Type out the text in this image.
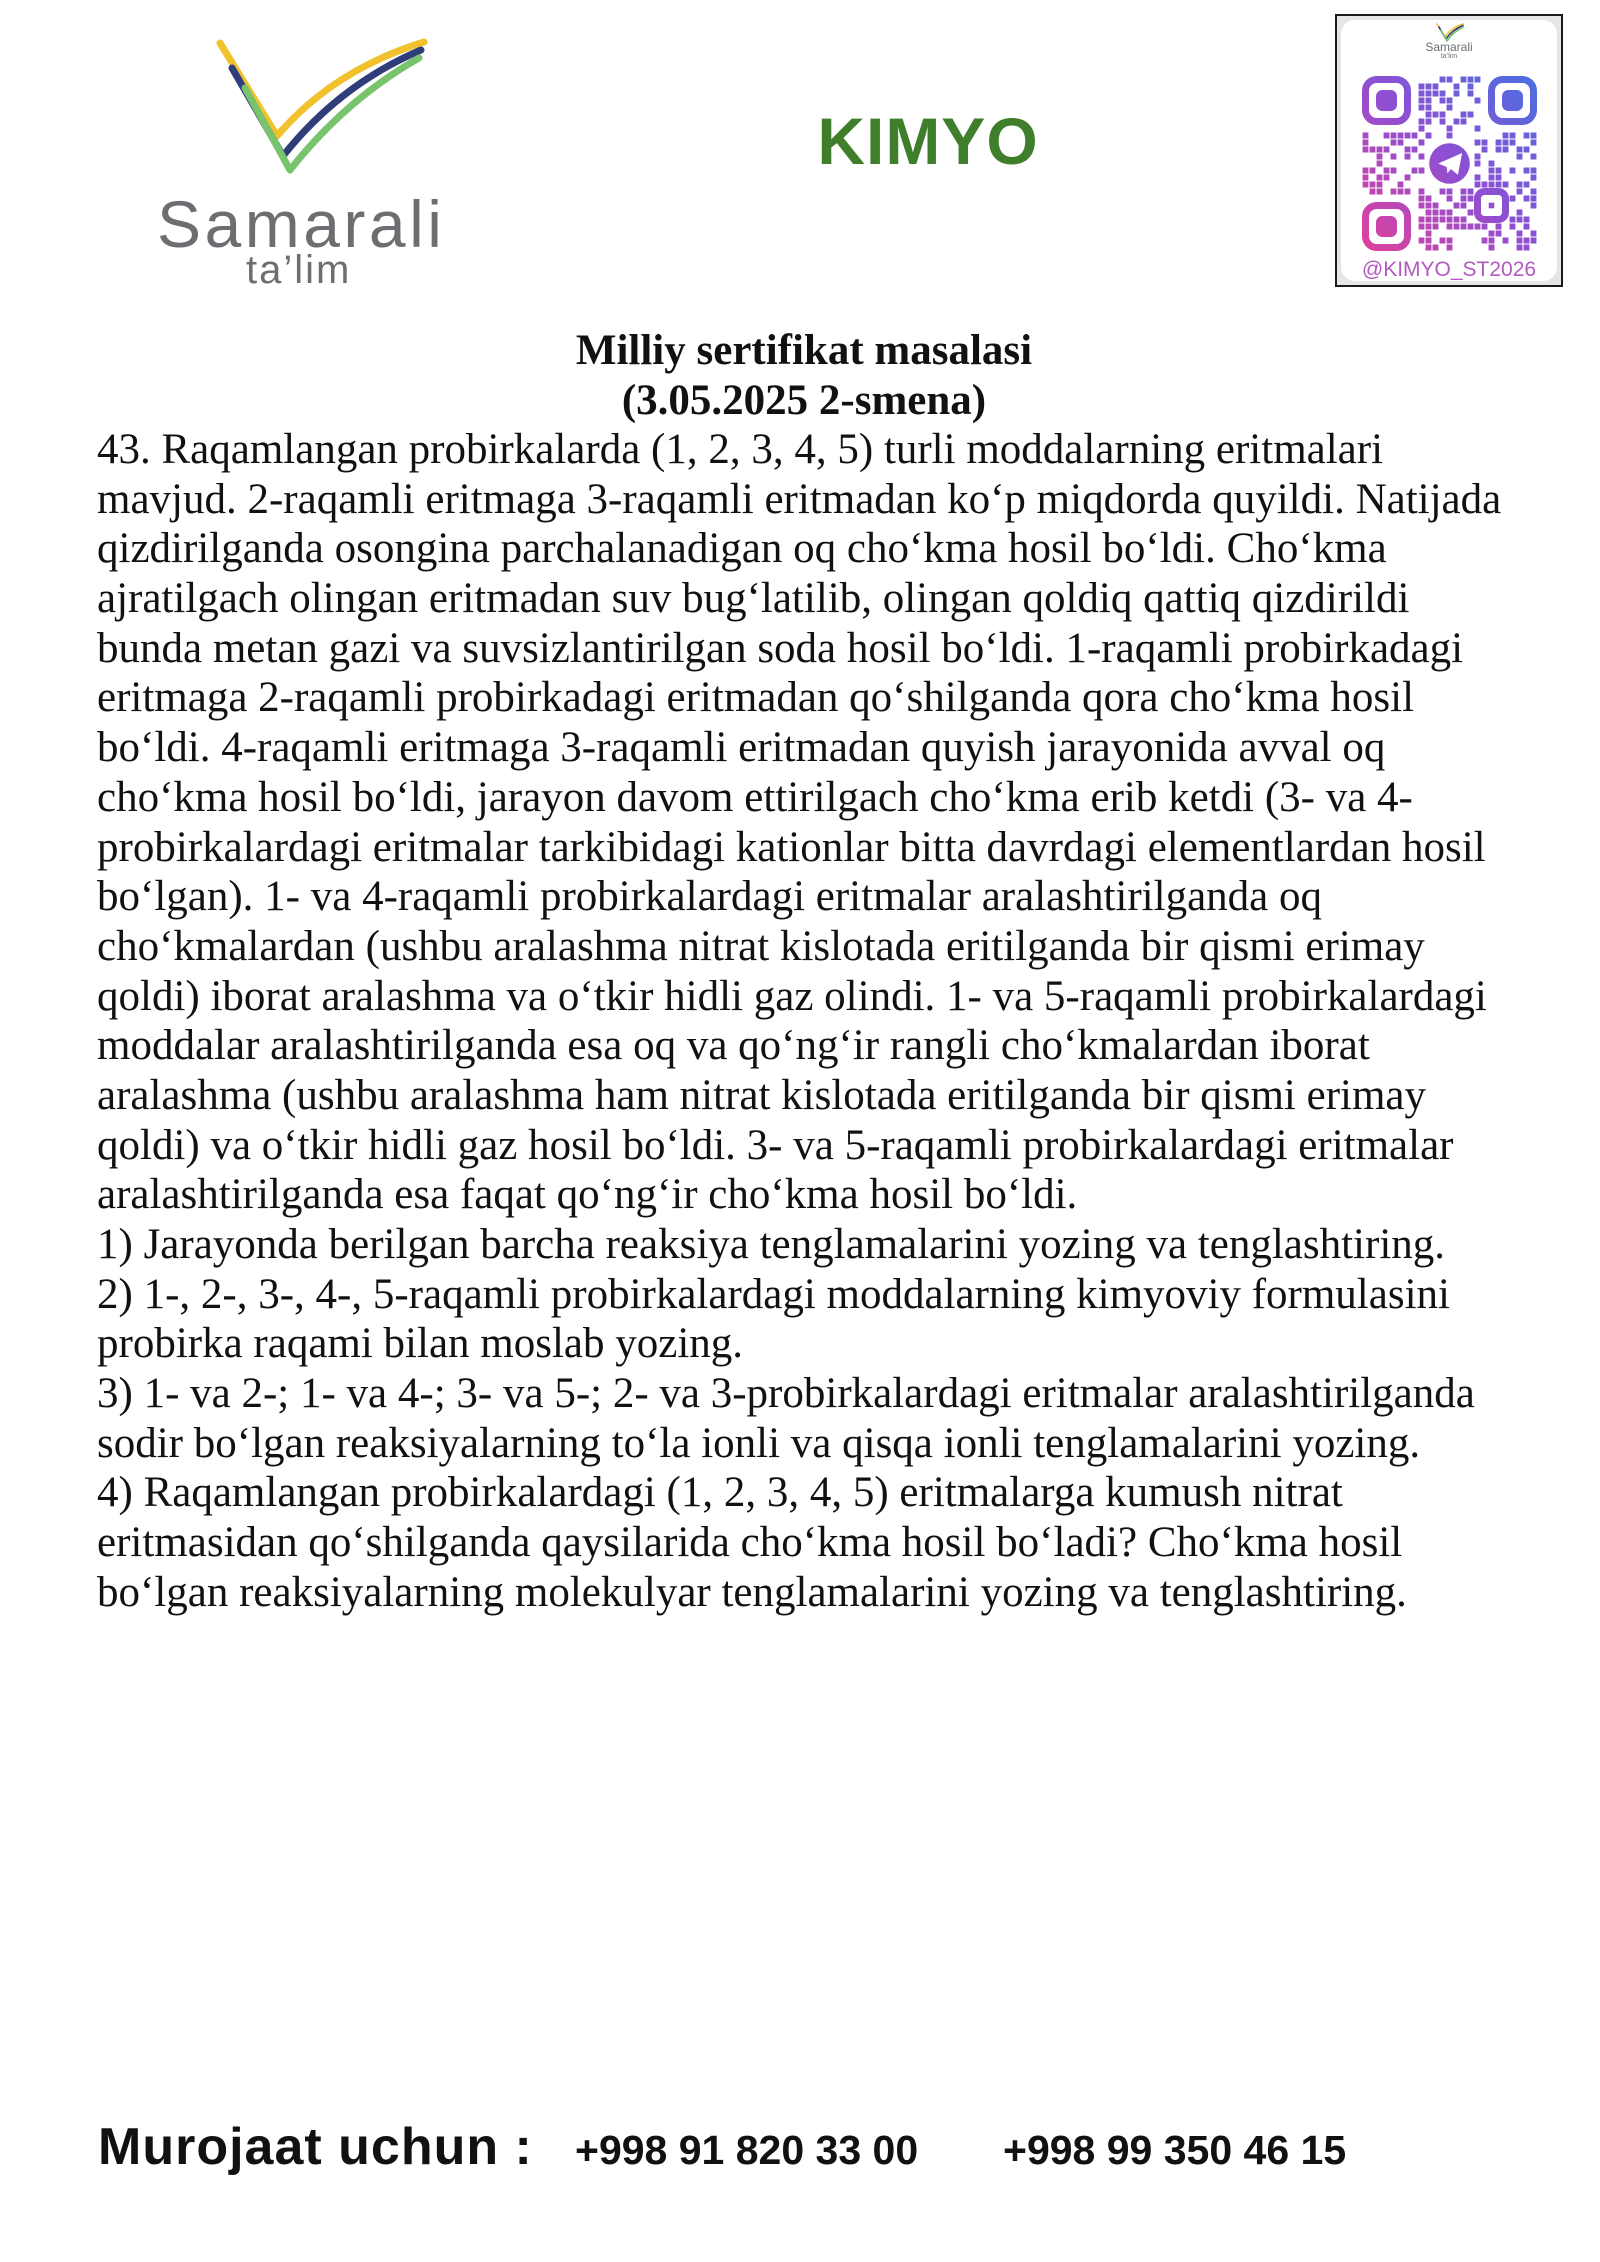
Samarali
ta’lim
KIMYO
Samarali
ta’lim
@KIMYO_ST2026
Milliy sertifikat masalasi
(3.05.2025 2-smena)
43. Raqamlangan probirkalarda (1, 2, 3, 4, 5) turli moddalarning eritmalari
mavjud. 2-raqamli eritmaga 3-raqamli eritmadan ko‘p miqdorda quyildi. Natijada
qizdirilganda osongina parchalanadigan oq cho‘kma hosil bo‘ldi. Cho‘kma
ajratilgach olingan eritmadan suv bug‘latilib, olingan qoldiq qattiq qizdirildi
bunda metan gazi va suvsizlantirilgan soda hosil bo‘ldi. 1-raqamli probirkadagi
eritmaga 2-raqamli probirkadagi eritmadan qo‘shilganda qora cho‘kma hosil
bo‘ldi. 4-raqamli eritmaga 3-raqamli eritmadan quyish jarayonida avval oq
cho‘kma hosil bo‘ldi, jarayon davom ettirilgach cho‘kma erib ketdi (3- va 4-
probirkalardagi eritmalar tarkibidagi kationlar bitta davrdagi elementlardan hosil
bo‘lgan). 1- va 4-raqamli probirkalardagi eritmalar aralashtirilganda oq
cho‘kmalardan (ushbu aralashma nitrat kislotada eritilganda bir qismi erimay
qoldi) iborat aralashma va o‘tkir hidli gaz olindi. 1- va 5-raqamli probirkalardagi
moddalar aralashtirilganda esa oq va qo‘ng‘ir rangli cho‘kmalardan iborat
aralashma (ushbu aralashma ham nitrat kislotada eritilganda bir qismi erimay
qoldi) va o‘tkir hidli gaz hosil bo‘ldi. 3- va 5-raqamli probirkalardagi eritmalar
aralashtirilganda esa faqat qo‘ng‘ir cho‘kma hosil bo‘ldi.
1) Jarayonda berilgan barcha reaksiya tenglamalarini yozing va tenglashtiring.
2) 1-, 2-, 3-, 4-, 5-raqamli probirkalardagi moddalarning kimyoviy formulasini
probirka raqami bilan moslab yozing.
3) 1- va 2-; 1- va 4-; 3- va 5-; 2- va 3-probirkalardagi eritmalar aralashtirilganda
sodir bo‘lgan reaksiyalarning to‘la ionli va qisqa ionli tenglamalarini yozing.
4) Raqamlangan probirkalardagi (1, 2, 3, 4, 5) eritmalarga kumush nitrat
eritmasidan qo‘shilganda qaysilarida cho‘kma hosil bo‘ladi? Cho‘kma hosil
bo‘lgan reaksiyalarning molekulyar tenglamalarini yozing va tenglashtiring.
Murojaat uchun :	+998 91 820 33 00	+998 99 350 46 15
